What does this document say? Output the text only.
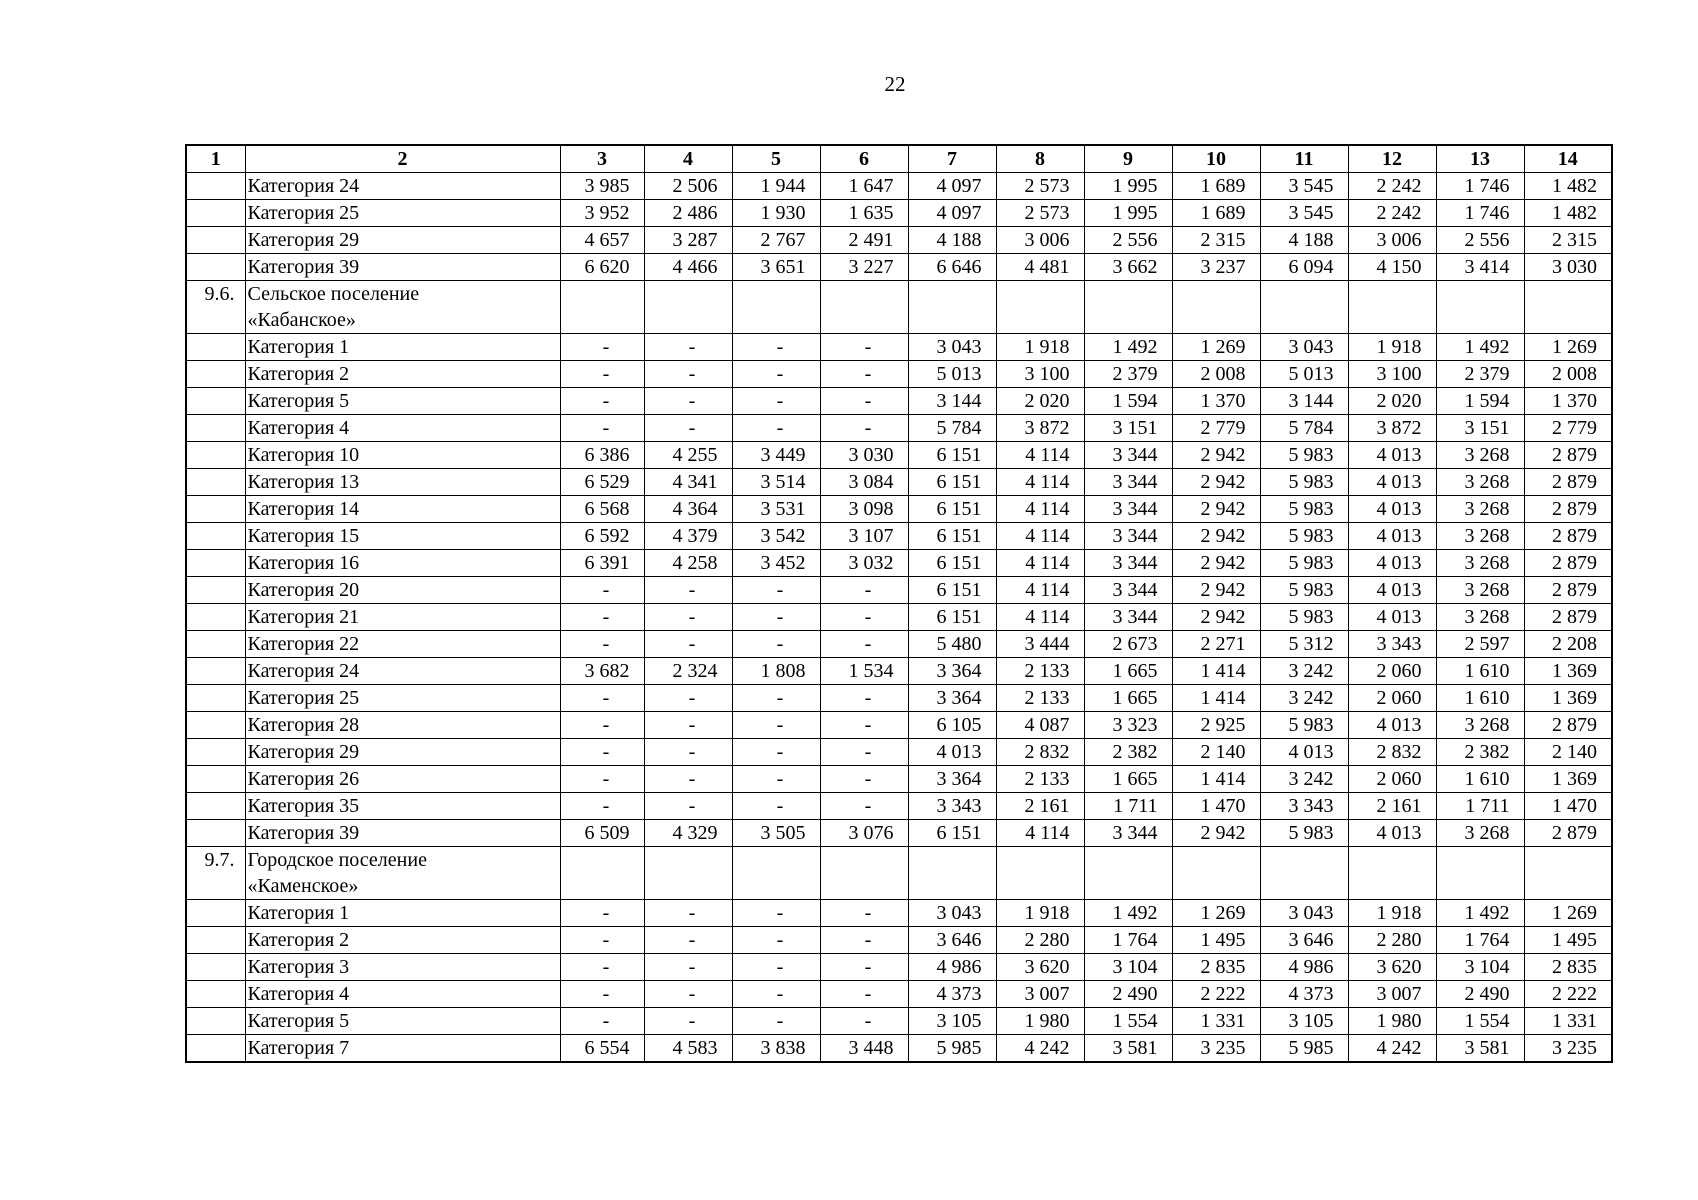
22
1	2	3	4	5	6	7	8	9	10	11	12	13	14
	Категория 24	3 985	2 506	1 944	1 647	4 097	2 573	1 995	1 689	3 545	2 242	1 746	1 482
	Категория 25	3 952	2 486	1 930	1 635	4 097	2 573	1 995	1 689	3 545	2 242	1 746	1 482
	Категория 29	4 657	3 287	2 767	2 491	4 188	3 006	2 556	2 315	4 188	3 006	2 556	2 315
	Категория 39	6 620	4 466	3 651	3 227	6 646	4 481	3 662	3 237	6 094	4 150	3 414	3 030
9.6.	Сельское поселение
«Кабанское»												
	Категория 1	-	-	-	-	3 043	1 918	1 492	1 269	3 043	1 918	1 492	1 269
	Категория 2	-	-	-	-	5 013	3 100	2 379	2 008	5 013	3 100	2 379	2 008
	Категория 5	-	-	-	-	3 144	2 020	1 594	1 370	3 144	2 020	1 594	1 370
	Категория 4	-	-	-	-	5 784	3 872	3 151	2 779	5 784	3 872	3 151	2 779
	Категория 10	6 386	4 255	3 449	3 030	6 151	4 114	3 344	2 942	5 983	4 013	3 268	2 879
	Категория 13	6 529	4 341	3 514	3 084	6 151	4 114	3 344	2 942	5 983	4 013	3 268	2 879
	Категория 14	6 568	4 364	3 531	3 098	6 151	4 114	3 344	2 942	5 983	4 013	3 268	2 879
	Категория 15	6 592	4 379	3 542	3 107	6 151	4 114	3 344	2 942	5 983	4 013	3 268	2 879
	Категория 16	6 391	4 258	3 452	3 032	6 151	4 114	3 344	2 942	5 983	4 013	3 268	2 879
	Категория 20	-	-	-	-	6 151	4 114	3 344	2 942	5 983	4 013	3 268	2 879
	Категория 21	-	-	-	-	6 151	4 114	3 344	2 942	5 983	4 013	3 268	2 879
	Категория 22	-	-	-	-	5 480	3 444	2 673	2 271	5 312	3 343	2 597	2 208
	Категория 24	3 682	2 324	1 808	1 534	3 364	2 133	1 665	1 414	3 242	2 060	1 610	1 369
	Категория 25	-	-	-	-	3 364	2 133	1 665	1 414	3 242	2 060	1 610	1 369
	Категория 28	-	-	-	-	6 105	4 087	3 323	2 925	5 983	4 013	3 268	2 879
	Категория 29	-	-	-	-	4 013	2 832	2 382	2 140	4 013	2 832	2 382	2 140
	Категория 26	-	-	-	-	3 364	2 133	1 665	1 414	3 242	2 060	1 610	1 369
	Категория 35	-	-	-	-	3 343	2 161	1 711	1 470	3 343	2 161	1 711	1 470
	Категория 39	6 509	4 329	3 505	3 076	6 151	4 114	3 344	2 942	5 983	4 013	3 268	2 879
9.7.	Городское поселение
«Каменское»												
	Категория 1	-	-	-	-	3 043	1 918	1 492	1 269	3 043	1 918	1 492	1 269
	Категория 2	-	-	-	-	3 646	2 280	1 764	1 495	3 646	2 280	1 764	1 495
	Категория 3	-	-	-	-	4 986	3 620	3 104	2 835	4 986	3 620	3 104	2 835
	Категория 4	-	-	-	-	4 373	3 007	2 490	2 222	4 373	3 007	2 490	2 222
	Категория 5	-	-	-	-	3 105	1 980	1 554	1 331	3 105	1 980	1 554	1 331
	Категория 7	6 554	4 583	3 838	3 448	5 985	4 242	3 581	3 235	5 985	4 242	3 581	3 235
